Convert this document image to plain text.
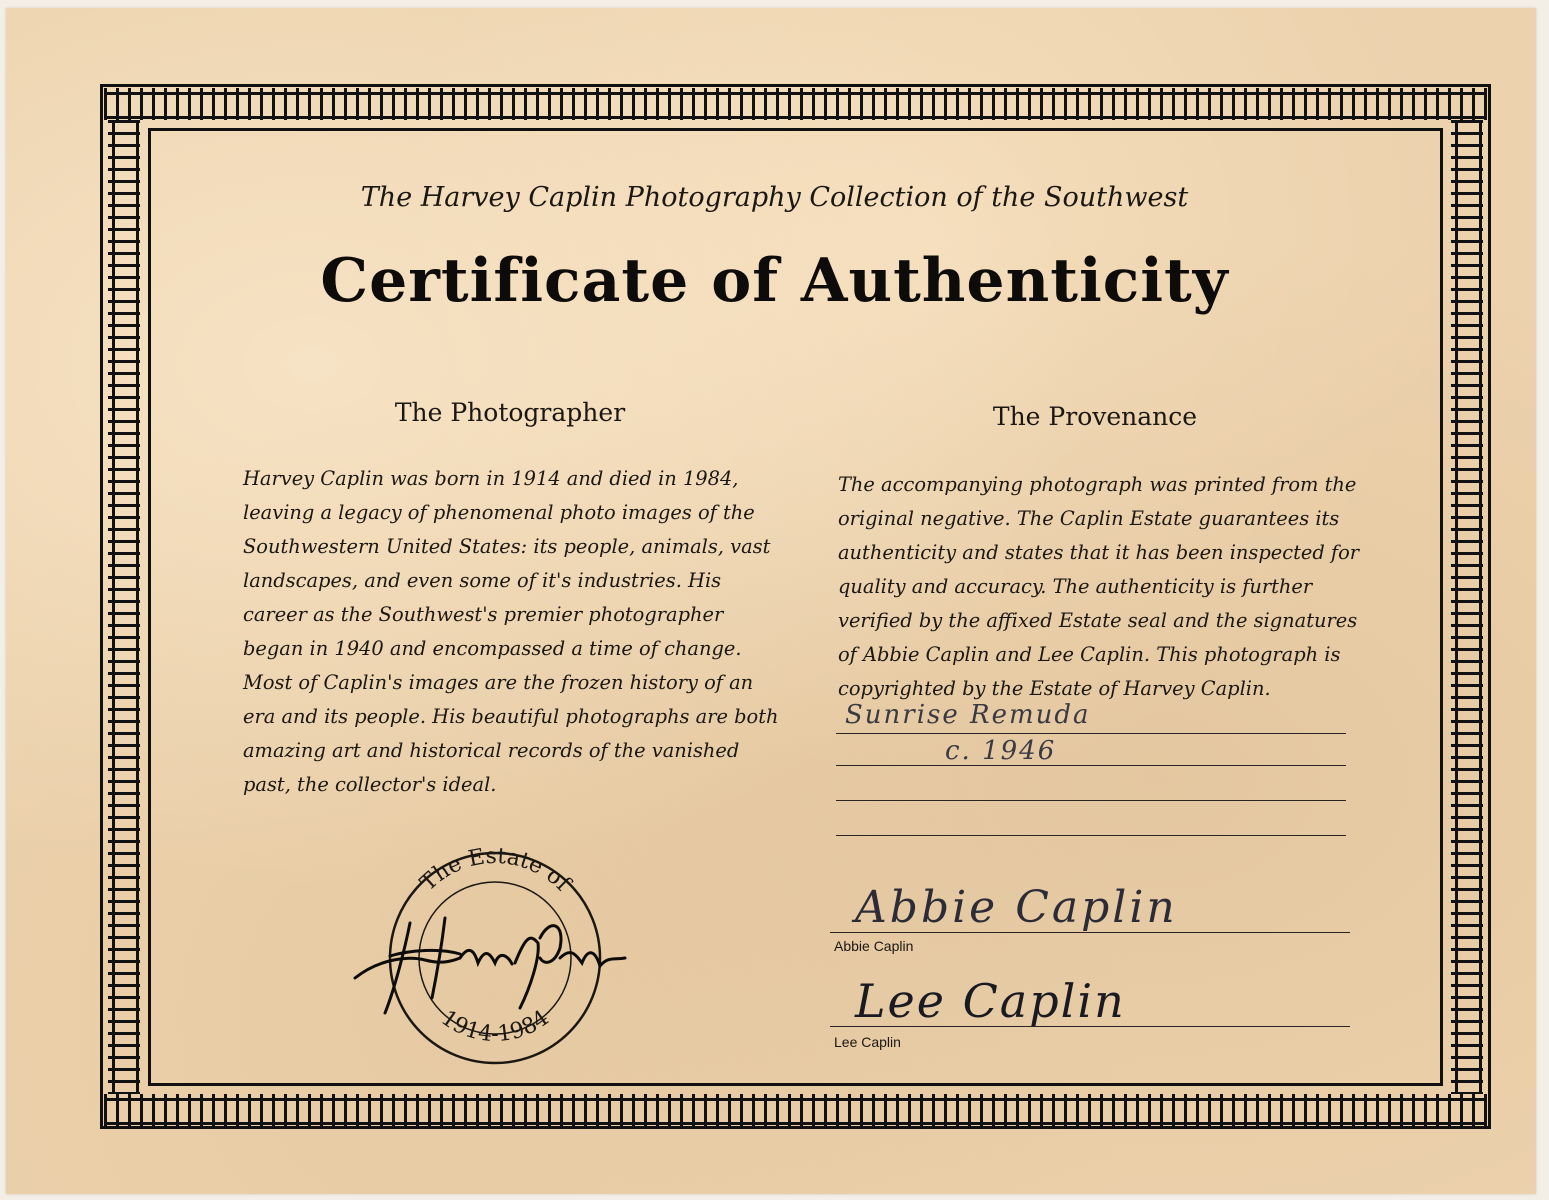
The Harvey Caplin Photography Collection of the Southwest
Certificate of Authenticity
The Photographer
Harvey Caplin was born in 1914 and died in 1984,
leaving a legacy of phenomenal photo images of the
Southwestern United States: its people, animals, vast
landscapes, and even some of it's industries. His
career as the Southwest's premier photographer
began in 1940 and encompassed a time of change.
Most of Caplin's images are the frozen history of an
era and its people. His beautiful photographs are both
amazing art and historical records of the vanished
past, the collector's ideal.
The Provenance
The accompanying photograph was printed from the
original negative. The Caplin Estate guarantees its
authenticity and states that it has been inspected for
quality and accuracy. The authenticity is further
verified by the affixed Estate seal and the signatures
of Abbie Caplin and Lee Caplin. This photograph is
copyrighted by the Estate of Harvey Caplin.
Sunrise Remuda
c. 1946
The Estate of
1914-1984
Abbie Caplin
Abbie Caplin
Lee Caplin
Lee Caplin
